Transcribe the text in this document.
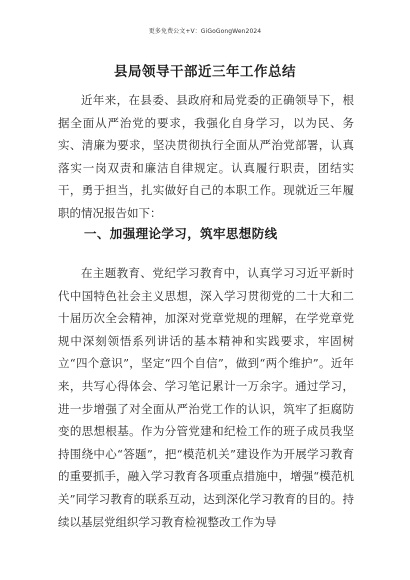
更多免费公文+V：GiGoGongWen2024
县局领导干部近三年工作总结

近年来，在县委、县政府和局党委的正确领导下，根据全面从严治党的要求，我强化自身学习，以为民、务实、清廉为要求，坚决贯彻执行全面从严治党部署，认真落实一岗双责和廉洁自律规定。认真履行职责，团结实干，勇于担当，扎实做好自己的本职工作。现就近三年履职的情况报告如下：

一、加强理论学习，筑牢思想防线

在主题教育、党纪学习教育中，认真学习习近平新时代中国特色社会主义思想，深入学习贯彻党的二十大和二十届历次全会精神，加深对党章党规的理解，在学党章党规中深刻领悟系列讲话的基本精神和实践要求，牢固树立“四个意识”，坚定“四个自信”，做到“两个维护”。近年来，共写心得体会、学习笔记累计一万余字。通过学习，进一步增强了对全面从严治党工作的认识，筑牢了拒腐防变的思想根基。作为分管党建和纪检工作的班子成员我坚持围绕中心“答题”，把“模范机关”建设作为开展学习教育的重要抓手，融入学习教育各项重点措施中，增强“模范机关”同学习教育的联系互动，达到深化学习教育的目的。持续以基层党组织学习教育检视整改工作为导
